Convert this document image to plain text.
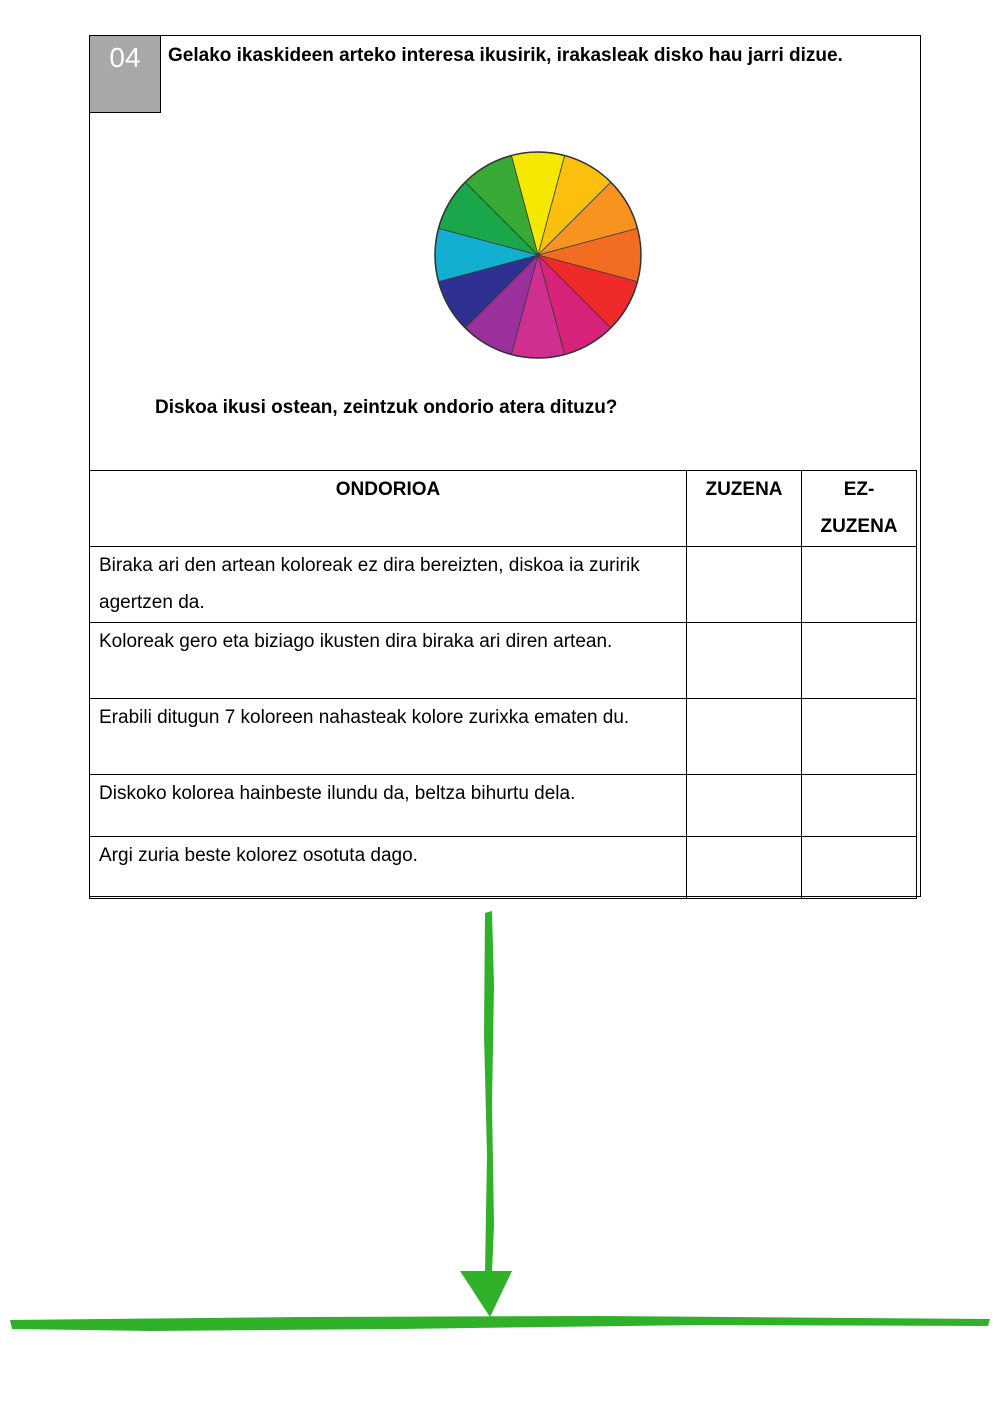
04	Gelako ikaskideen arteko interesa ikusirik, irakasleak disko hau jarri dizue.
Diskoa ikusi ostean, zeintzuk ondorio atera dituzu?
ONDORIOA	ZUZENA	EZ-
ZUZENA
Biraka ari den artean koloreak ez dira bereizten, diskoa ia zuririk agertzen da.		
Koloreak gero eta biziago ikusten dira biraka ari diren artean.		
Erabili ditugun 7 koloreen nahasteak kolore zurixka ematen du.		
Diskoko kolorea hainbeste ilundu da, beltza bihurtu dela.		
Argi zuria beste kolorez osotuta dago.		
